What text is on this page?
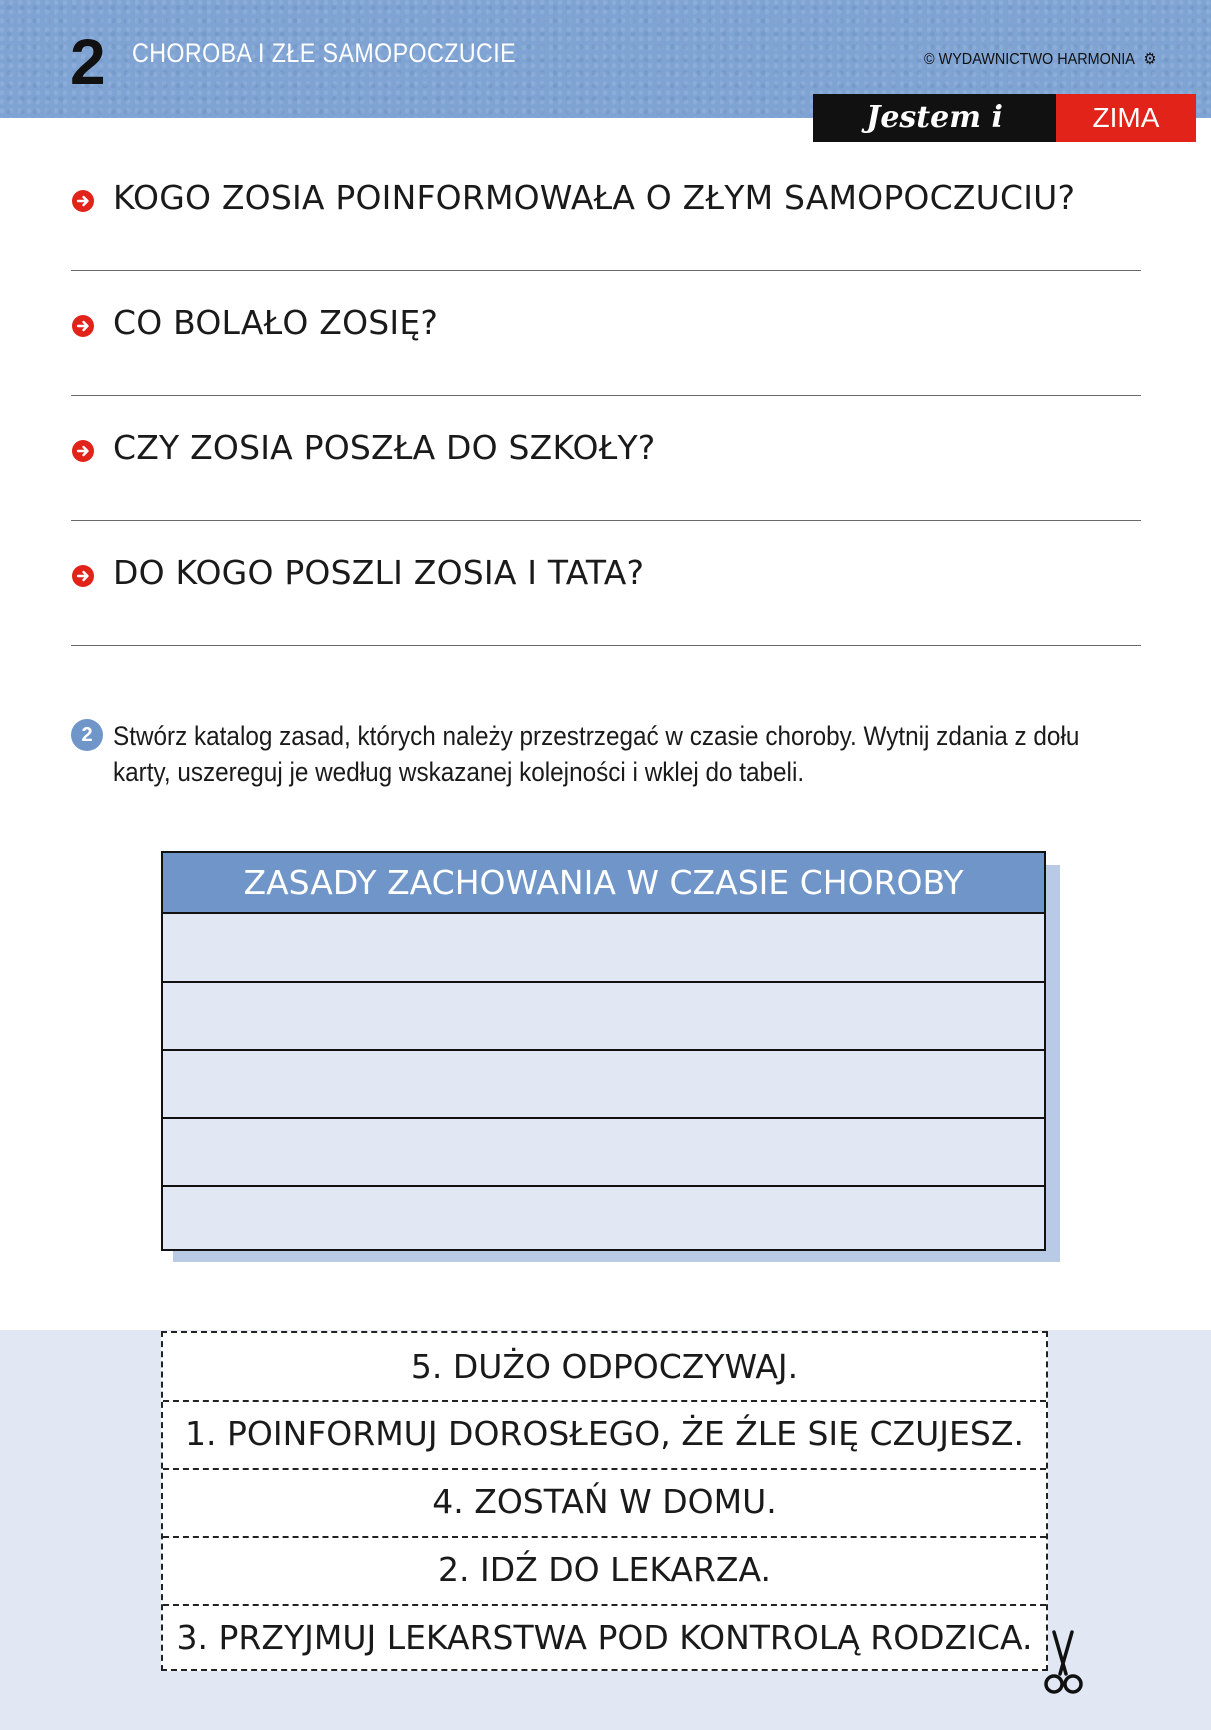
2 CHOROBA I ZŁE SAMOPOCZUCIE	© WYDAWNICTWO HARMONIA ⚙
Jestem i działam
ZIMA
KOGO ZOSIA POINFORMOWAŁA O ZŁYM SAMOPOCZUCIU?
CO BOLAŁO ZOSIĘ?
CZY ZOSIA POSZŁA DO SZKOŁY?
DO KOGO POSZLI ZOSIA I TATA?
2 Stwórz katalog zasad, których należy przestrzegać w czasie choroby. Wytnij zdania z dołu
karty, uszereguj je według wskazanej kolejności i wklej do tabeli.
ZASADY ZACHOWANIA W CZASIE CHOROBY
5. DUŻO ODPOCZYWAJ.
1. POINFORMUJ DOROSŁEGO, ŻE ŹLE SIĘ CZUJESZ.
4. ZOSTAŃ W DOMU.
2. IDŹ DO LEKARZA.
3. PRZYJMUJ LEKARSTWA POD KONTROLĄ RODZICA.
